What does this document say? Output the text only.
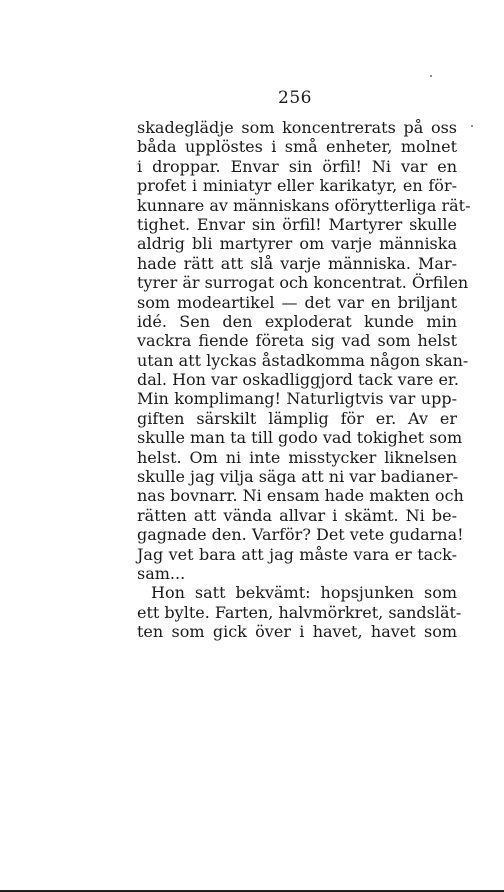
256
skadeglädje som koncentrerats på oss
båda upplöstes i små enheter, molnet
i droppar. Envar sin örfil! Ni var en
profet i miniatyr eller karikatyr, en för-
kunnare av människans oförytterliga rät-
tighet. Envar sin örfil! Martyrer skulle
aldrig bli martyrer om varje människa
hade rätt att slå varje människa. Mar-
tyrer är surrogat och koncentrat. Örfilen
som modeartikel — det var en briljant
idé. Sen den exploderat kunde min
vackra fiende företa sig vad som helst
utan att lyckas åstadkomma någon skan-
dal. Hon var oskadliggjord tack vare er.
Min komplimang! Naturligtvis var upp-
giften särskilt lämplig för er. Av er
skulle man ta till godo vad tokighet som
helst. Om ni inte misstycker liknelsen
skulle jag vilja säga att ni var badianer-
nas bovnarr. Ni ensam hade makten och
rätten att vända allvar i skämt. Ni be-
gagnade den. Varför? Det vete gudarna!
Jag vet bara att jag måste vara er tack-
sam...
Hon satt bekvämt: hopsjunken som
ett bylte. Farten, halvmörkret, sandslät-
ten som gick över i havet, havet som
